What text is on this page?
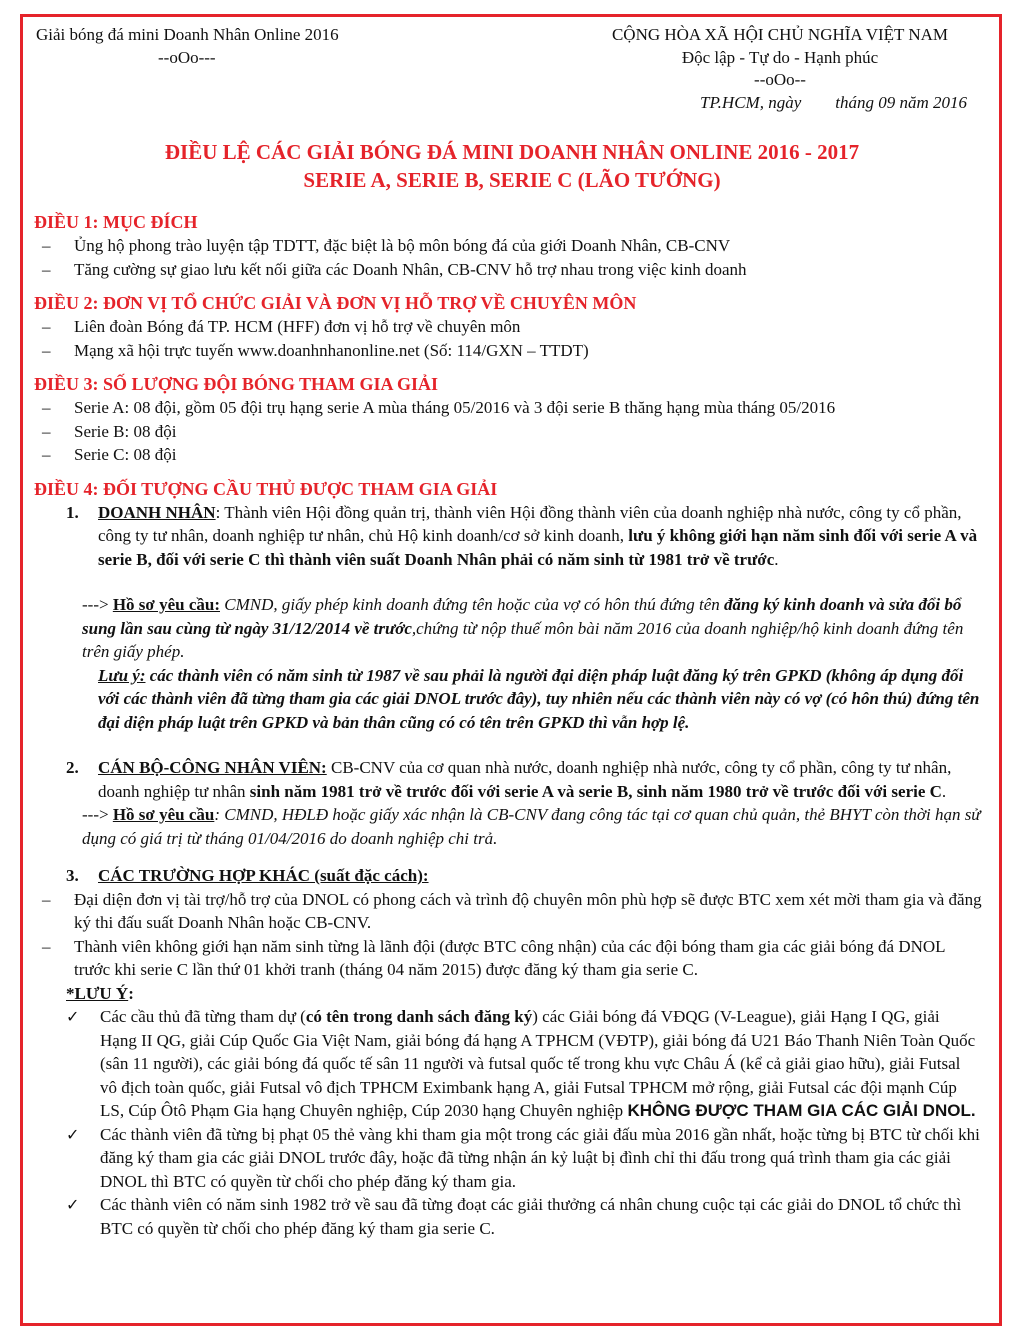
Giải bóng đá mini Doanh Nhân Online 2016
--oOo---
CỘNG HÒA XÃ HỘI CHỦ NGHĨA VIỆT NAM
Độc lập - Tự do - Hạnh phúc
--oOo--
TP.HCM, ngày        tháng 09 năm 2016
ĐIỀU LỆ CÁC GIẢI BÓNG ĐÁ MINI DOANH NHÂN ONLINE 2016 - 2017
SERIE A, SERIE B, SERIE C (LÃO TƯỚNG)
ĐIỀU 1: MỤC ĐÍCH
– Ủng hộ phong trào luyện tập TDTT, đặc biệt là bộ môn bóng đá của giới Doanh Nhân, CB-CNV
– Tăng cường sự giao lưu kết nối giữa các Doanh Nhân, CB-CNV hỗ trợ nhau trong việc kinh doanh
ĐIỀU 2: ĐƠN VỊ TỔ CHỨC GIẢI VÀ ĐƠN VỊ HỖ TRỢ VỀ CHUYÊN MÔN
– Liên đoàn Bóng đá TP. HCM (HFF) đơn vị hỗ trợ về chuyên môn
– Mạng xã hội trực tuyến www.doanhnhanonline.net (Số: 114/GXN – TTDT)
ĐIỀU 3: SỐ LƯỢNG ĐỘI BÓNG THAM GIA GIẢI
– Serie A: 08 đội, gồm 05 đội trụ hạng serie A mùa tháng 05/2016 và 3 đội serie B thăng hạng mùa tháng 05/2016
– Serie B: 08 đội
– Serie C: 08 đội
ĐIỀU 4: ĐỐI TƯỢNG CẦU THỦ ĐƯỢC THAM GIA GIẢI
1. DOANH NHÂN: Thành viên Hội đồng quản trị, thành viên Hội đồng thành viên của doanh nghiệp nhà nước, công ty cổ phần, công ty tư nhân, doanh nghiệp tư nhân, chủ Hộ kinh doanh/cơ sở kinh doanh, lưu ý không giới hạn năm sinh đối với serie A và serie B, đối với serie C thì thành viên suất Doanh Nhân phải có năm sinh từ 1981 trở về trước.
---> Hồ sơ yêu cầu: CMND, giấy phép kinh doanh đứng tên hoặc của vợ có hôn thú đứng tên đăng ký kinh doanh và sửa đổi bổ sung lần sau cùng từ ngày 31/12/2014 về trước,chứng từ nộp thuế môn bài năm 2016 của doanh nghiệp/hộ kinh doanh đứng tên trên giấy phép.
Lưu ý: các thành viên có năm sinh từ 1987 về sau phải là người đại diện pháp luật đăng ký trên GPKD (không áp dụng đối với các thành viên đã từng tham gia các giải DNOL trước đây), tuy nhiên nếu các thành viên này có vợ (có hôn thú) đứng tên đại diện pháp luật trên GPKD và bản thân cũng có có tên trên GPKD thì vẫn hợp lệ.
2. CÁN BỘ-CÔNG NHÂN VIÊN: CB-CNV của cơ quan nhà nước, doanh nghiệp nhà nước, công ty cổ phần, công ty tư nhân, doanh nghiệp tư nhân sinh năm 1981 trở về trước đối với serie A và serie B, sinh năm 1980 trở về trước đối với serie C.
---> Hồ sơ yêu cầu: CMND, HĐLĐ hoặc giấy xác nhận là CB-CNV đang công tác tại cơ quan chủ quản, thẻ BHYT còn thời hạn sử dụng có giá trị từ tháng 01/04/2016 do doanh nghiệp chi trả.
3. CÁC TRƯỜNG HỢP KHÁC (suất đặc cách):
– Đại diện đơn vị tài trợ/hỗ trợ của DNOL có phong cách và trình độ chuyên môn phù hợp sẽ được BTC xem xét mời tham gia và đăng ký thi đấu suất Doanh Nhân hoặc CB-CNV.
– Thành viên không giới hạn năm sinh từng là lãnh đội (được BTC công nhận) của các đội bóng tham gia các giải bóng đá DNOL trước khi serie C lần thứ 01 khởi tranh (tháng 04 năm 2015) được đăng ký tham gia serie C.
*LƯU Ý:
✓ Các cầu thủ đã từng tham dự (có tên trong danh sách đăng ký) các Giải bóng đá VĐQG (V-League), giải Hạng I QG, giải Hạng II QG, giải Cúp Quốc Gia Việt Nam, giải bóng đá hạng A TPHCM (VĐTP), giải bóng đá U21 Báo Thanh Niên Toàn Quốc (sân 11 người), các giải bóng đá quốc tế sân 11 người và futsal quốc tế trong khu vực Châu Á (kể cả giải giao hữu), giải Futsal vô địch toàn quốc, giải Futsal vô địch TPHCM Eximbank hạng A, giải Futsal TPHCM mở rộng, giải Futsal các đội mạnh Cúp LS, Cúp Ôtô Phạm Gia hạng Chuyên nghiệp, Cúp 2030 hạng Chuyên nghiệp KHÔNG ĐƯỢC THAM GIA CÁC GIẢI DNOL.
✓ Các thành viên đã từng bị phạt 05 thẻ vàng khi tham gia một trong các giải đấu mùa 2016 gần nhất, hoặc từng bị BTC từ chối khi đăng ký tham gia các giải DNOL trước đây, hoặc đã từng nhận án kỷ luật bị đình chỉ thi đấu trong quá trình tham gia các giải DNOL thì BTC có quyền từ chối cho phép đăng ký tham gia.
✓ Các thành viên có năm sinh 1982 trở về sau đã từng đoạt các giải thưởng cá nhân chung cuộc tại các giải do DNOL tổ chức thì  BTC có quyền từ chối cho phép đăng ký tham gia serie C.
